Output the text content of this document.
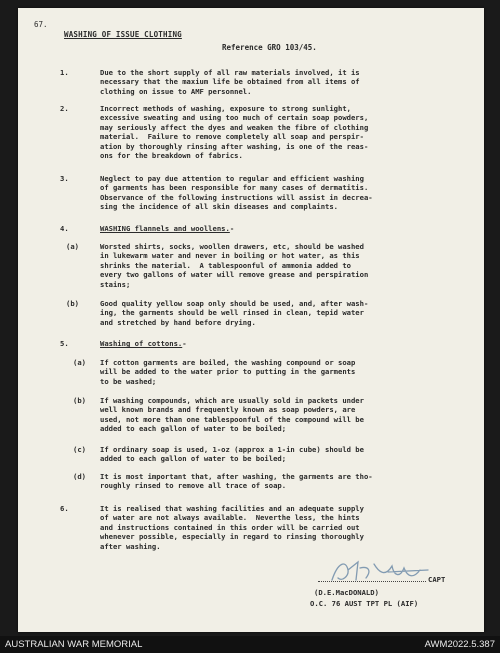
67.
WASHING OF ISSUE CLOTHING
Reference GRO 103/45.
1.	Due to the short supply of all raw materials involved, it is
necessary that the maxium life be obtained from all items of
clothing on issue to AMF personnel.
2.	Incorrect methods of washing, exposure to strong sunlight,
excessive sweating and using too much of certain soap powders,
may seriously affect the dyes and weaken the fibre of clothing
material.  Failure to remove completely all soap and perspir-
ation by thoroughly rinsing after washing, is one of the reas-
ons for the breakdown of fabrics.
3.	Neglect to pay due attention to regular and efficient washing
of garments has been responsible for many cases of dermatitis.
Observance of the following instructions will assist in decrea-
sing the incidence of all skin diseases and complaints.
4.	WASHING flannels and woollens.-
(a)	Worsted shirts, socks, woollen drawers, etc, should be washed
in lukewarm water and never in boiling or hot water, as this
shrinks the material.  A tablespoonful of ammonia added to
every two gallons of water will remove grease and perspiration
stains;
(b)	Good quality yellow soap only should be used, and, after wash-
ing, the garments should be well rinsed in clean, tepid water
and stretched by hand before drying.
5.	Washing of cottons.-
(a) If cotton garments are boiled, the washing compound or soap
will be added to the water prior to putting in the garments
to be washed;
(b) If washing compounds, which are usually sold in packets under
well known brands and frequently known as soap powders, are
used, not more than one tablespoonful of the compound will be
added to each gallon of water to be boiled;
(c) If ordinary soap is used, 1-oz (approx a 1-in cube) should be
added to each gallon of water to be boiled;
(d) It is most important that, after washing, the garments are tho-
roughly rinsed to remove all trace of soap.
6.	It is realised that washing facilities and an adequate supply
of water are not always available.  Neverthe less, the hints
and instructions contained in this order will be carried out
whenever possible, especially in regard to rinsing thoroughly
after washing.
CAPT
(D.E.MacDONALD)
O.C. 76 AUST TPT PL (AIF)
AUSTRALIAN WAR MEMORIAL	AWM2022.5.387
